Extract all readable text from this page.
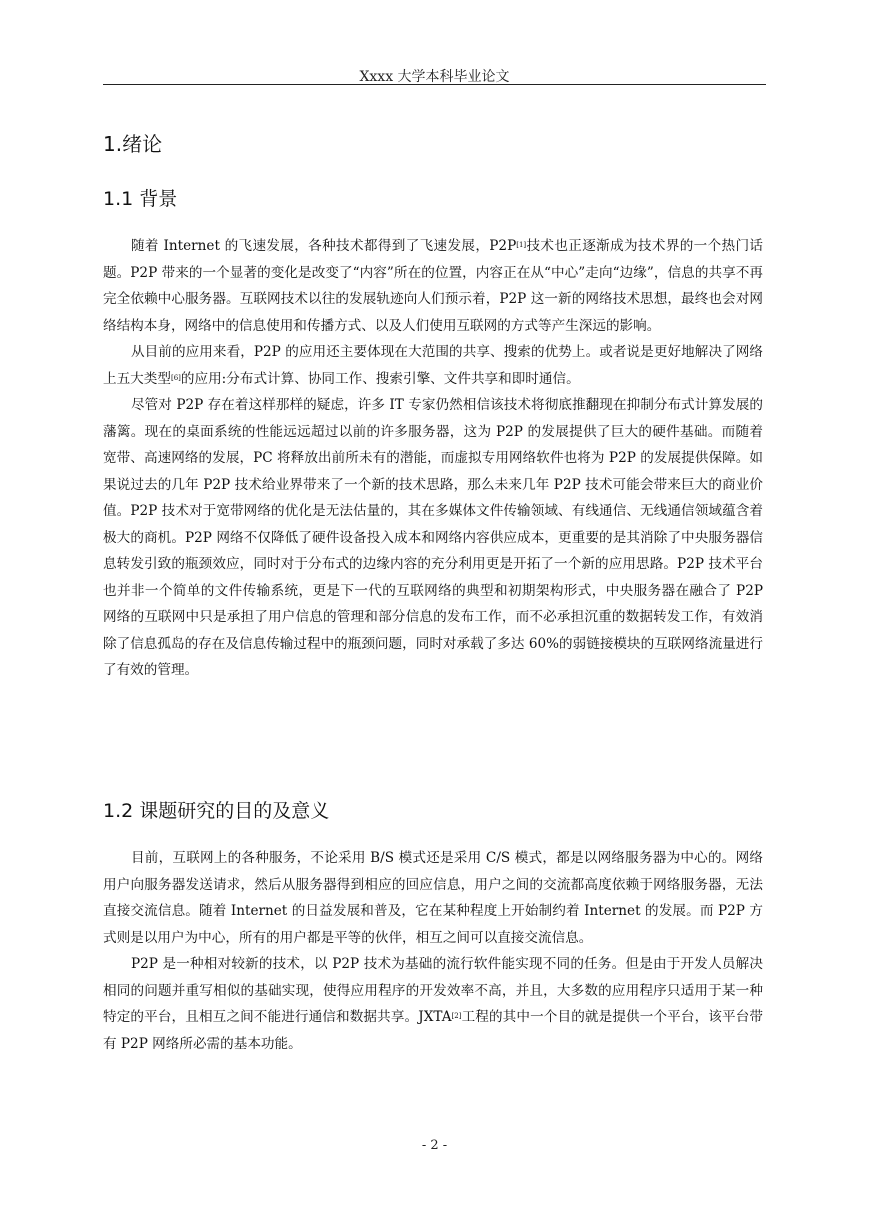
Xxxx 大学本科毕业论文
1.绪论
1.1 背景

随着 Internet 的飞速发展，各种技术都得到了飞速发展，P2P[1]技术也正逐渐成为技术界的一个热门话题。P2P 带来的一个显著的变化是改变了“内容”所在的位置，内容正在从“中心”走向“边缘”，信息的共享不再完全依赖中心服务器。互联网技术以往的发展轨迹向人们预示着，P2P 这一新的网络技术思想，最终也会对网络结构本身，网络中的信息使用和传播方式、以及人们使用互联网的方式等产生深远的影响。

从目前的应用来看，P2P 的应用还主要体现在大范围的共享、搜索的优势上。或者说是更好地解决了网络上五大类型[6]的应用:分布式计算、协同工作、搜索引擎、文件共享和即时通信。

尽管对 P2P 存在着这样那样的疑虑，许多 IT 专家仍然相信该技术将彻底推翻现在抑制分布式计算发展的藩篱。现在的桌面系统的性能远远超过以前的许多服务器，这为 P2P 的发展提供了巨大的硬件基础。而随着宽带、高速网络的发展，PC 将释放出前所未有的潜能，而虚拟专用网络软件也将为 P2P 的发展提供保障。如果说过去的几年 P2P 技术给业界带来了一个新的技术思路，那么未来几年 P2P 技术可能会带来巨大的商业价值。P2P 技术对于宽带网络的优化是无法估量的，其在多媒体文件传输领域、有线通信、无线通信领域蕴含着极大的商机。P2P 网络不仅降低了硬件设备投入成本和网络内容供应成本，更重要的是其消除了中央服务器信息转发引致的瓶颈效应，同时对于分布式的边缘内容的充分利用更是开拓了一个新的应用思路。P2P 技术平台也并非一个简单的文件传输系统，更是下一代的互联网络的典型和初期架构形式，中央服务器在融合了 P2P 网络的互联网中只是承担了用户信息的管理和部分信息的发布工作，而不必承担沉重的数据转发工作，有效消除了信息孤岛的存在及信息传输过程中的瓶颈问题，同时对承载了多达 60%的弱链接模块的互联网络流量进行了有效的管理。

1.2 课题研究的目的及意义

目前，互联网上的各种服务，不论采用 B/S 模式还是采用 C/S 模式，都是以网络服务器为中心的。网络用户向服务器发送请求，然后从服务器得到相应的回应信息，用户之间的交流都高度依赖于网络服务器，无法直接交流信息。随着 Internet 的日益发展和普及，它在某种程度上开始制约着 Internet 的发展。而 P2P 方式则是以用户为中心，所有的用户都是平等的伙伴，相互之间可以直接交流信息。

P2P 是一种相对较新的技术，以 P2P 技术为基础的流行软件能实现不同的任务。但是由于开发人员解决相同的问题并重写相似的基础实现，使得应用程序的开发效率不高，并且，大多数的应用程序只适用于某一种特定的平台，且相互之间不能进行通信和数据共享。JXTA[2]工程的其中一个目的就是提供一个平台，该平台带有 P2P 网络所必需的基本功能。

- 2 -
